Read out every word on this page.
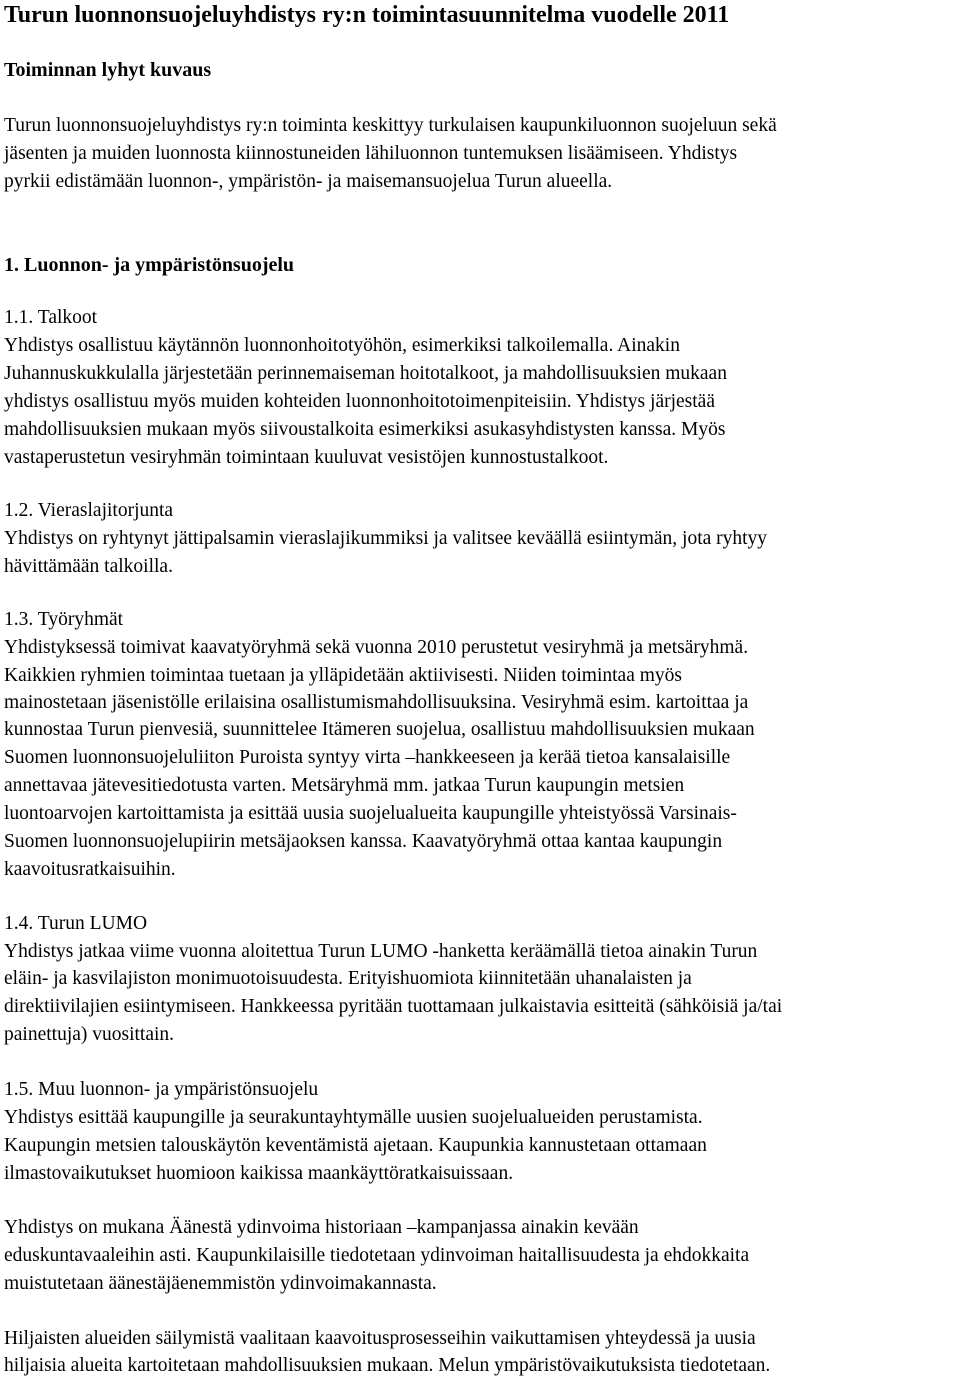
Turun luonnonsuojeluyhdistys ry:n toimintasuunnitelma vuodelle 2011
Toiminnan lyhyt kuvaus
Turun luonnonsuojeluyhdistys ry:n toiminta keskittyy turkulaisen kaupunkiluonnon suojeluun sekä
jäsenten ja muiden luonnosta kiinnostuneiden lähiluonnon tuntemuksen lisäämiseen. Yhdistys
pyrkii edistämään luonnon-, ympäristön- ja maisemansuojelua Turun alueella.
1. Luonnon- ja ympäristönsuojelu
1.1. Talkoot
Yhdistys osallistuu käytännön luonnonhoitotyöhön, esimerkiksi talkoilemalla. Ainakin
Juhannuskukkulalla järjestetään perinnemaiseman hoitotalkoot, ja mahdollisuuksien mukaan
yhdistys osallistuu myös muiden kohteiden luonnonhoitotoimenpiteisiin. Yhdistys järjestää
mahdollisuuksien mukaan myös siivoustalkoita esimerkiksi asukasyhdistysten kanssa. Myös
vastaperustetun vesiryhmän toimintaan kuuluvat vesistöjen kunnostustalkoot.
1.2. Vieraslajitorjunta
Yhdistys on ryhtynyt jättipalsamin vieraslajikummiksi ja valitsee keväällä esiintymän, jota ryhtyy
hävittämään talkoilla.
1.3. Työryhmät
Yhdistyksessä toimivat kaavatyöryhmä sekä vuonna 2010 perustetut vesiryhmä ja metsäryhmä.
Kaikkien ryhmien toimintaa tuetaan ja ylläpidetään aktiivisesti. Niiden toimintaa myös
mainostetaan jäsenistölle erilaisina osallistumismahdollisuuksina. Vesiryhmä esim. kartoittaa ja
kunnostaa Turun pienvesiä, suunnittelee Itämeren suojelua, osallistuu mahdollisuuksien mukaan
Suomen luonnonsuojeluliiton Puroista syntyy virta –hankkeeseen ja kerää tietoa kansalaisille
annettavaa jätevesitiedotusta varten. Metsäryhmä mm. jatkaa Turun kaupungin metsien
luontoarvojen kartoittamista ja esittää uusia suojelualueita kaupungille yhteistyössä Varsinais-
Suomen luonnonsuojelupiirin metsäjaoksen kanssa. Kaavatyöryhmä ottaa kantaa kaupungin
kaavoitusratkaisuihin.
1.4. Turun LUMO
Yhdistys jatkaa viime vuonna aloitettua Turun LUMO -hanketta keräämällä tietoa ainakin Turun
eläin- ja kasvilajiston monimuotoisuudesta. Erityishuomiota kiinnitetään uhanalaisten ja
direktiivilajien esiintymiseen. Hankkeessa pyritään tuottamaan julkaistavia esitteitä (sähköisiä ja/tai
painettuja) vuosittain.
1.5. Muu luonnon- ja ympäristönsuojelu
Yhdistys esittää kaupungille ja seurakuntayhtymälle uusien suojelualueiden perustamista.
Kaupungin metsien talouskäytön keventämistä ajetaan. Kaupunkia kannustetaan ottamaan
ilmastovaikutukset huomioon kaikissa maankäyttöratkaisuissaan.
Yhdistys on mukana Äänestä ydinvoima historiaan –kampanjassa ainakin kevään
eduskuntavaaleihin asti. Kaupunkilaisille tiedotetaan ydinvoiman haitallisuudesta ja ehdokkaita
muistutetaan äänestäjäenemmistön ydinvoimakannasta.
Hiljaisten alueiden säilymistä vaalitaan kaavoitusprosesseihin vaikuttamisen yhteydessä ja uusia
hiljaisia alueita kartoitetaan mahdollisuuksien mukaan. Melun ympäristövaikutuksista tiedotetaan.
